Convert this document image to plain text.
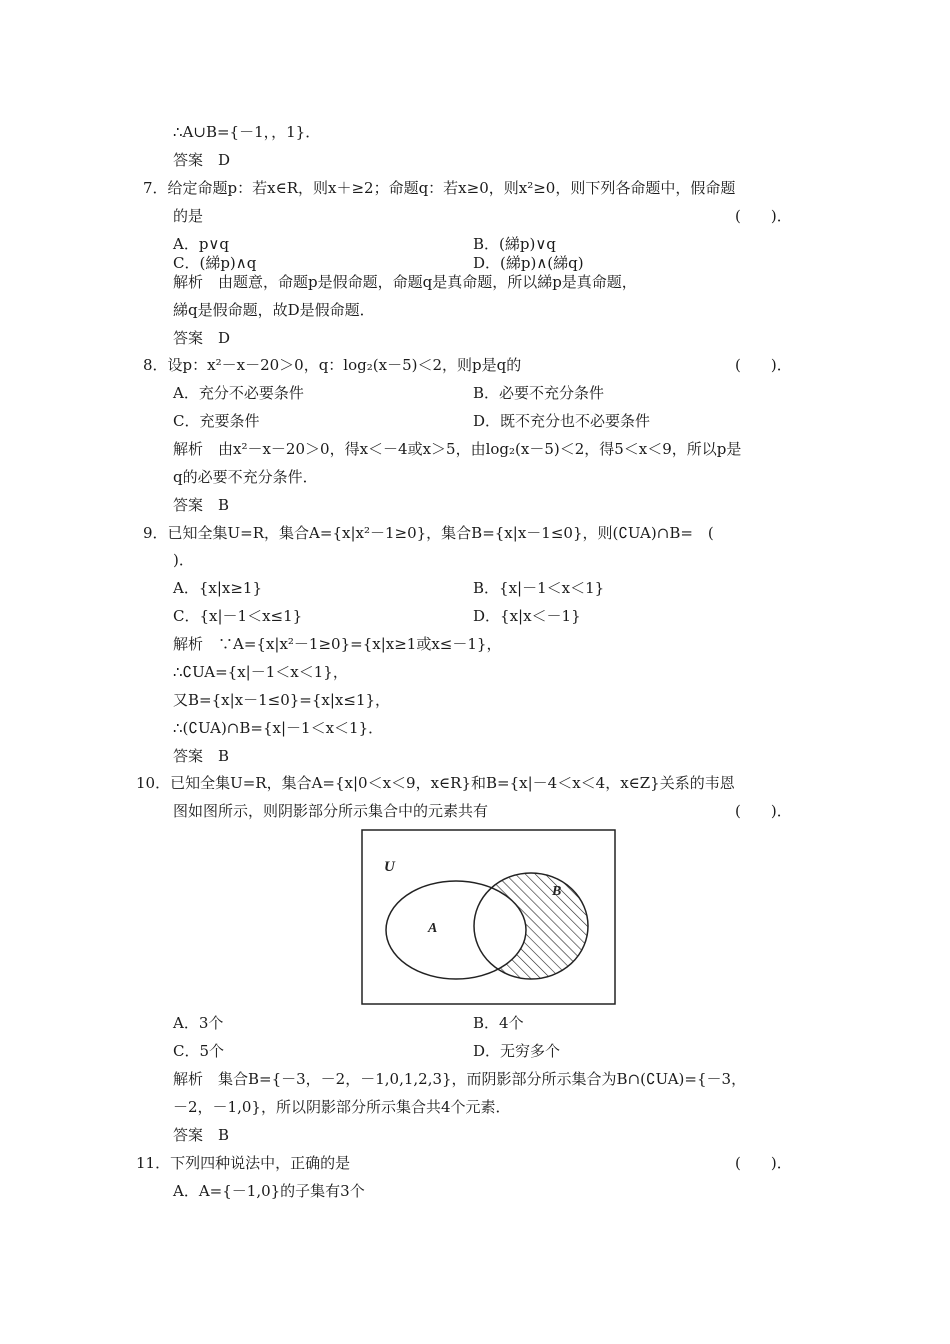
∴A∪B={－1，，1}．
答案　D
7．给定命题p：若x∈R，则x＋≥2；命题q：若x≥0，则x²≥0，则下列各命题中，假命题
的是	(　　)．
A．p∨q	B．(綈p)∨q
C．(綈p)∧q	D．(綈p)∧(綈q)
解析　由题意，命题p是假命题，命题q是真命题，所以綈p是真命题，
綈q是假命题，故D是假命题．
答案　D
8．设p：x²－x－20＞0，q：log₂(x－5)＜2，则p是q的	(　　)．
A．充分不必要条件	B．必要不充分条件
C．充要条件	D．既不充分也不必要条件
解析　由x²－x－20＞0，得x＜－4或x＞5，由log₂(x－5)＜2，得5＜x＜9，所以p是
q的必要不充分条件．
答案　B
9．已知全集U=R，集合A={x|x²－1≥0}，集合B={x|x－1≤0}，则(∁UA)∩B=　(
)．
A．{x|x≥1}	B．{x|－1＜x＜1}
C．{x|－1＜x≤1}	D．{x|x＜－1}
解析　∵A={x|x²－1≥0}={x|x≥1或x≤－1}，
∴∁UA={x|－1＜x＜1}，
又B={x|x－1≤0}={x|x≤1}，
∴(∁UA)∩B={x|－1＜x＜1}．
答案　B
10．已知全集U=R，集合A={x|0＜x＜9，x∈R}和B={x|－4＜x＜4，x∈Z}关系的韦恩
图如图所示，则阴影部分所示集合中的元素共有	(　　)．
U
A
B
A．3个	B．4个
C．5个	D．无穷多个
解析　集合B={－3，－2，－1,0,1,2,3}，而阴影部分所示集合为B∩(∁UA)={－3，
－2，－1,0}，所以阴影部分所示集合共4个元素．
答案　B
11．下列四种说法中，正确的是	(　　)．
A．A={－1,0}的子集有3个
